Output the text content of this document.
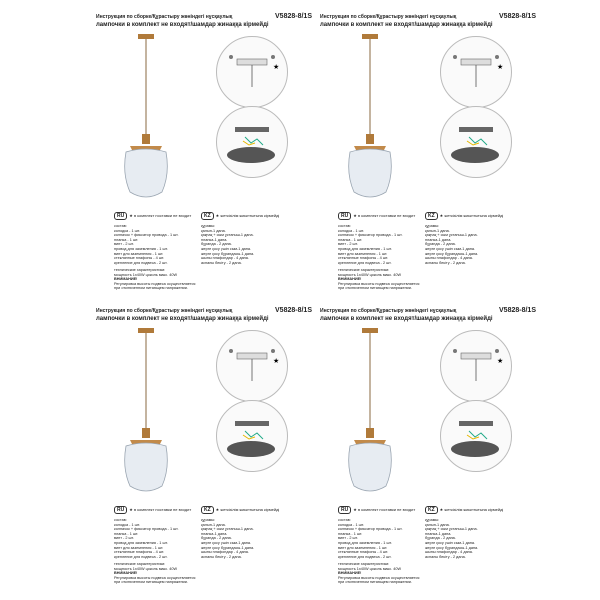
Инструкция по сборке/Құрастыру жөніндегі нұсқаулық	V5828-8/1S
лампочки в комплект не входят/шамдар жинаққа кірмейді
★
RU ★ в комплект поставки не входит	KZ ★ жеткізілім жиынтығына кірмейді
состав:
колодка - 1 шт.
колпачок + фиксатор провода - 1 шт.
планка - 1 шт.
винт - 2 шт.
провод для заземления - 1 шт.
винт для заземления - 1 шт.
стеклянные плафоны - 4 шт.
крепление для подвеса - 2 шт.
құрамы:
қалып-1 дана.
қақпақ + сым ұстағыш-1 дана.
планка-1 дана.
бұранда - 2 дана.
жерге қосу үшін сым-1 дана.
жерге қосу бұрандасы-1 дана.
шыны плафондар - 4 дана.
аспалы бекіту - 2 дана.
технические характеристики:
мощность 1х40W цоколь макс. 40W
ВНИМАНИЕ!
Регулировка высоты подвеса осуществляется
при отключенном питающем напряжении.
Инструкция по сборке/Құрастыру жөніндегі нұсқаулық	V5828-8/1S
лампочки в комплект не входят/шамдар жинаққа кірмейді
★
RU ★ в комплект поставки не входит	KZ ★ жеткізілім жиынтығына кірмейді
состав:
колодка - 1 шт.
колпачок + фиксатор провода - 1 шт.
планка - 1 шт.
винт - 2 шт.
провод для заземления - 1 шт.
винт для заземления - 1 шт.
стеклянные плафоны - 4 шт.
крепление для подвеса - 2 шт.
құрамы:
қалып-1 дана.
қақпақ + сым ұстағыш-1 дана.
планка-1 дана.
бұранда - 2 дана.
жерге қосу үшін сым-1 дана.
жерге қосу бұрандасы-1 дана.
шыны плафондар - 4 дана.
аспалы бекіту - 2 дана.
технические характеристики:
мощность 1х40W цоколь макс. 40W
ВНИМАНИЕ!
Регулировка высоты подвеса осуществляется
при отключенном питающем напряжении.
Инструкция по сборке/Құрастыру жөніндегі нұсқаулық	V5828-8/1S
лампочки в комплект не входят/шамдар жинаққа кірмейді
★
RU ★ в комплект поставки не входит	KZ ★ жеткізілім жиынтығына кірмейді
состав:
колодка - 1 шт.
колпачок + фиксатор провода - 1 шт.
планка - 1 шт.
винт - 2 шт.
провод для заземления - 1 шт.
винт для заземления - 1 шт.
стеклянные плафоны - 4 шт.
крепление для подвеса - 2 шт.
құрамы:
қалып-1 дана.
қақпақ + сым ұстағыш-1 дана.
планка-1 дана.
бұранда - 2 дана.
жерге қосу үшін сым-1 дана.
жерге қосу бұрандасы-1 дана.
шыны плафондар - 4 дана.
аспалы бекіту - 2 дана.
технические характеристики:
мощность 1х40W цоколь макс. 40W
ВНИМАНИЕ!
Регулировка высоты подвеса осуществляется
при отключенном питающем напряжении.
Инструкция по сборке/Құрастыру жөніндегі нұсқаулық	V5828-8/1S
лампочки в комплект не входят/шамдар жинаққа кірмейді
★
RU ★ в комплект поставки не входит	KZ ★ жеткізілім жиынтығына кірмейді
состав:
колодка - 1 шт.
колпачок + фиксатор провода - 1 шт.
планка - 1 шт.
винт - 2 шт.
провод для заземления - 1 шт.
винт для заземления - 1 шт.
стеклянные плафоны - 4 шт.
крепление для подвеса - 2 шт.
құрамы:
қалып-1 дана.
қақпақ + сым ұстағыш-1 дана.
планка-1 дана.
бұранда - 2 дана.
жерге қосу үшін сым-1 дана.
жерге қосу бұрандасы-1 дана.
шыны плафондар - 4 дана.
аспалы бекіту - 2 дана.
технические характеристики:
мощность 1х40W цоколь макс. 40W
ВНИМАНИЕ!
Регулировка высоты подвеса осуществляется
при отключенном питающем напряжении.
